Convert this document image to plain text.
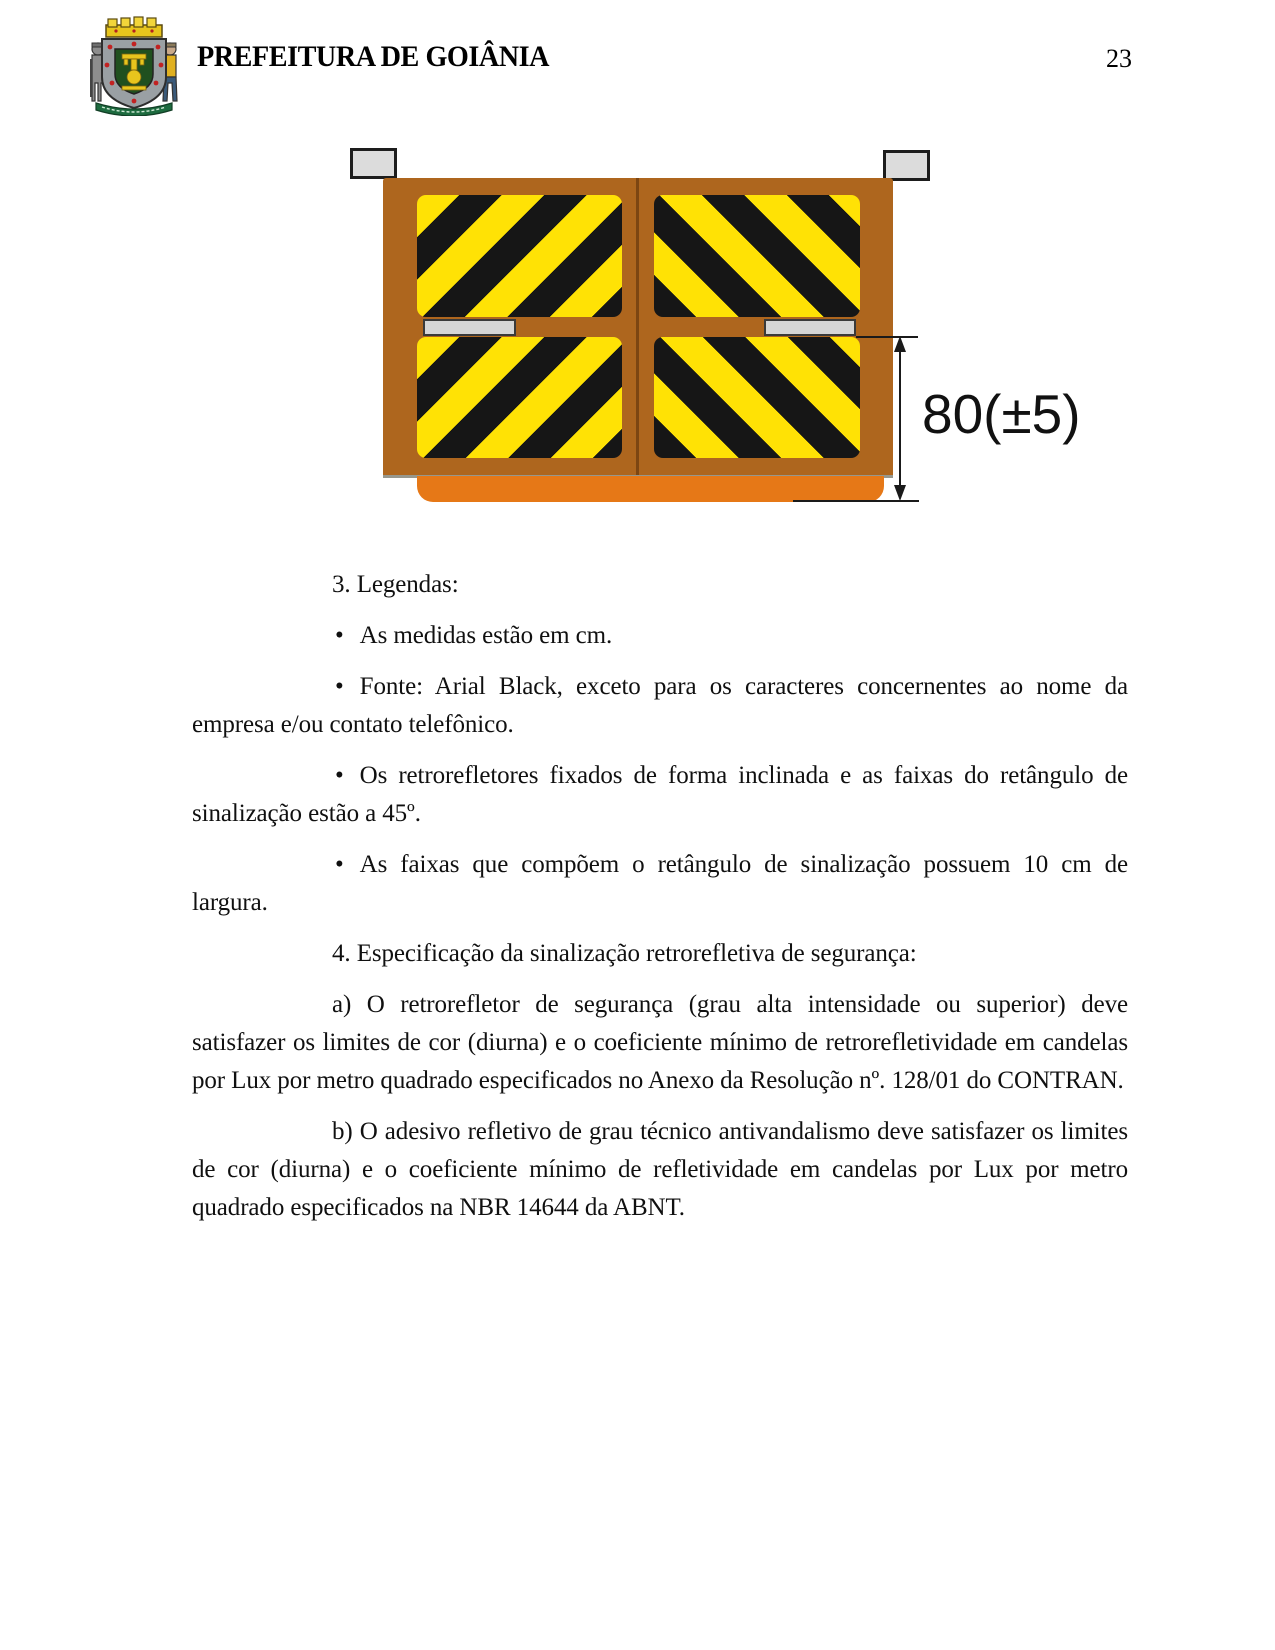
PREFEITURA DE GOIÂNIA	23
80(±5)

3. Legendas:

• As medidas estão em cm.

• Fonte: Arial Black, exceto para os caracteres concernentes ao nome da empresa e/ou contato telefônico.

• Os retrorefletores fixados de forma inclinada e as faixas do retângulo de sinalização estão a 45º.

• As faixas que compõem o retângulo de sinalização possuem 10 cm de largura.

4. Especificação da sinalização retrorefletiva de segurança:

a) O retrorefletor de segurança (grau alta intensidade ou superior) deve satisfazer os limites de cor (diurna) e o coeficiente mínimo de retrorefletividade em candelas por Lux por metro quadrado especificados no Anexo da Resolução nº. 128/01 do CONTRAN.

b) O adesivo refletivo de grau técnico antivandalismo deve satisfazer os limites de cor (diurna) e o coeficiente mínimo de refletividade em candelas por Lux por metro quadrado especificados na NBR 14644 da ABNT.
